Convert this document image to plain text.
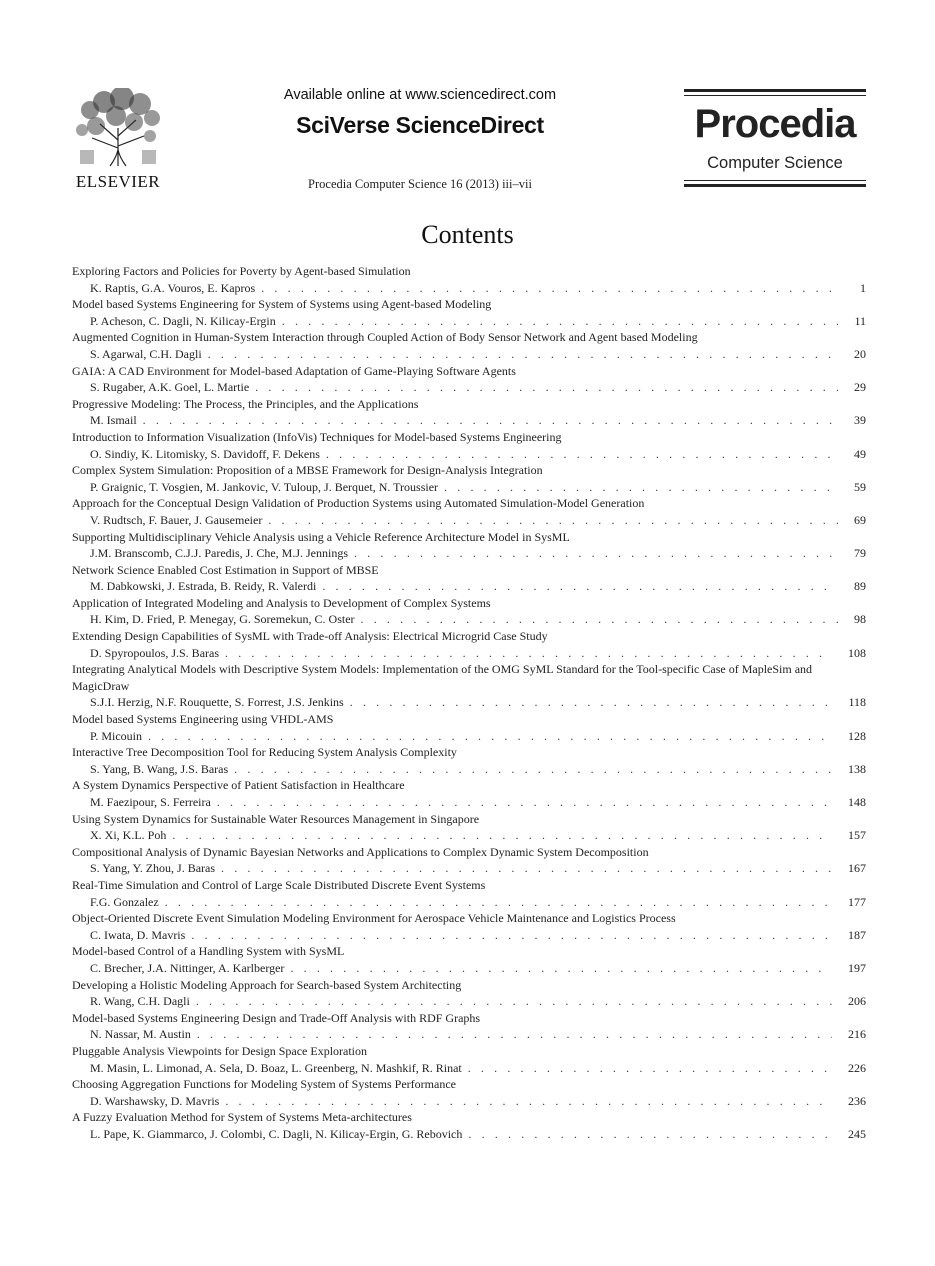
ELSEVIER
Available online at www.sciencedirect.com
SciVerse ScienceDirect
Procedia Computer Science 16 (2013) iii–vii
Procedia
Computer Science
Contents
Exploring Factors and Policies for Poverty by Agent-based Simulation
K. Raptis, G.A. Vouros, E. Kapros . . .	1
Model based Systems Engineering for System of Systems using Agent-based Modeling
P. Acheson, C. Dagli, N. Kilicay-Ergin . . .	11
Augmented Cognition in Human-System Interaction through Coupled Action of Body Sensor Network and Agent based Modeling
S. Agarwal, C.H. Dagli . . .	20
GAIA: A CAD Environment for Model-based Adaptation of Game-Playing Software Agents
S. Rugaber, A.K. Goel, L. Martie . . .	29
Progressive Modeling: The Process, the Principles, and the Applications
M. Ismail . . .	39
Introduction to Information Visualization (InfoVis) Techniques for Model-based Systems Engineering
O. Sindiy, K. Litomisky, S. Davidoff, F. Dekens . . .	49
Complex System Simulation: Proposition of a MBSE Framework for Design-Analysis Integration
P. Graignic, T. Vosgien, M. Jankovic, V. Tuloup, J. Berquet, N. Troussier . . .	59
Approach for the Conceptual Design Validation of Production Systems using Automated Simulation-Model Generation
V. Rudtsch, F. Bauer, J. Gausemeier . . .	69
Supporting Multidisciplinary Vehicle Analysis using a Vehicle Reference Architecture Model in SysML
J.M. Branscomb, C.J.J. Paredis, J. Che, M.J. Jennings . . .	79
Network Science Enabled Cost Estimation in Support of MBSE
M. Dabkowski, J. Estrada, B. Reidy, R. Valerdi . . .	89
Application of Integrated Modeling and Analysis to Development of Complex Systems
H. Kim, D. Fried, P. Menegay, G. Soremekun, C. Oster . . .	98
Extending Design Capabilities of SysML with Trade-off Analysis: Electrical Microgrid Case Study
D. Spyropoulos, J.S. Baras . . .	108
Integrating Analytical Models with Descriptive System Models: Implementation of the OMG SyML Standard for the Tool-specific Case of MapleSim and MagicDraw
S.J.I. Herzig, N.F. Rouquette, S. Forrest, J.S. Jenkins . . .	118
Model based Systems Engineering using VHDL-AMS
P. Micouin . . .	128
Interactive Tree Decomposition Tool for Reducing System Analysis Complexity
S. Yang, B. Wang, J.S. Baras . . .	138
A System Dynamics Perspective of Patient Satisfaction in Healthcare
M. Faezipour, S. Ferreira . . .	148
Using System Dynamics for Sustainable Water Resources Management in Singapore
X. Xi, K.L. Poh . . .	157
Compositional Analysis of Dynamic Bayesian Networks and Applications to Complex Dynamic System Decomposition
S. Yang, Y. Zhou, J. Baras . . .	167
Real-Time Simulation and Control of Large Scale Distributed Discrete Event Systems
F.G. Gonzalez . . .	177
Object-Oriented Discrete Event Simulation Modeling Environment for Aerospace Vehicle Maintenance and Logistics Process
C. Iwata, D. Mavris . . .	187
Model-based Control of a Handling System with SysML
C. Brecher, J.A. Nittinger, A. Karlberger . . .	197
Developing a Holistic Modeling Approach for Search-based System Architecting
R. Wang, C.H. Dagli . . .	206
Model-based Systems Engineering Design and Trade-Off Analysis with RDF Graphs
N. Nassar, M. Austin . . .	216
Pluggable Analysis Viewpoints for Design Space Exploration
M. Masin, L. Limonad, A. Sela, D. Boaz, L. Greenberg, N. Mashkif, R. Rinat . . .	226
Choosing Aggregation Functions for Modeling System of Systems Performance
D. Warshawsky, D. Mavris . . .	236
A Fuzzy Evaluation Method for System of Systems Meta-architectures
L. Pape, K. Giammarco, J. Colombi, C. Dagli, N. Kilicay-Ergin, G. Rebovich . . .	245
